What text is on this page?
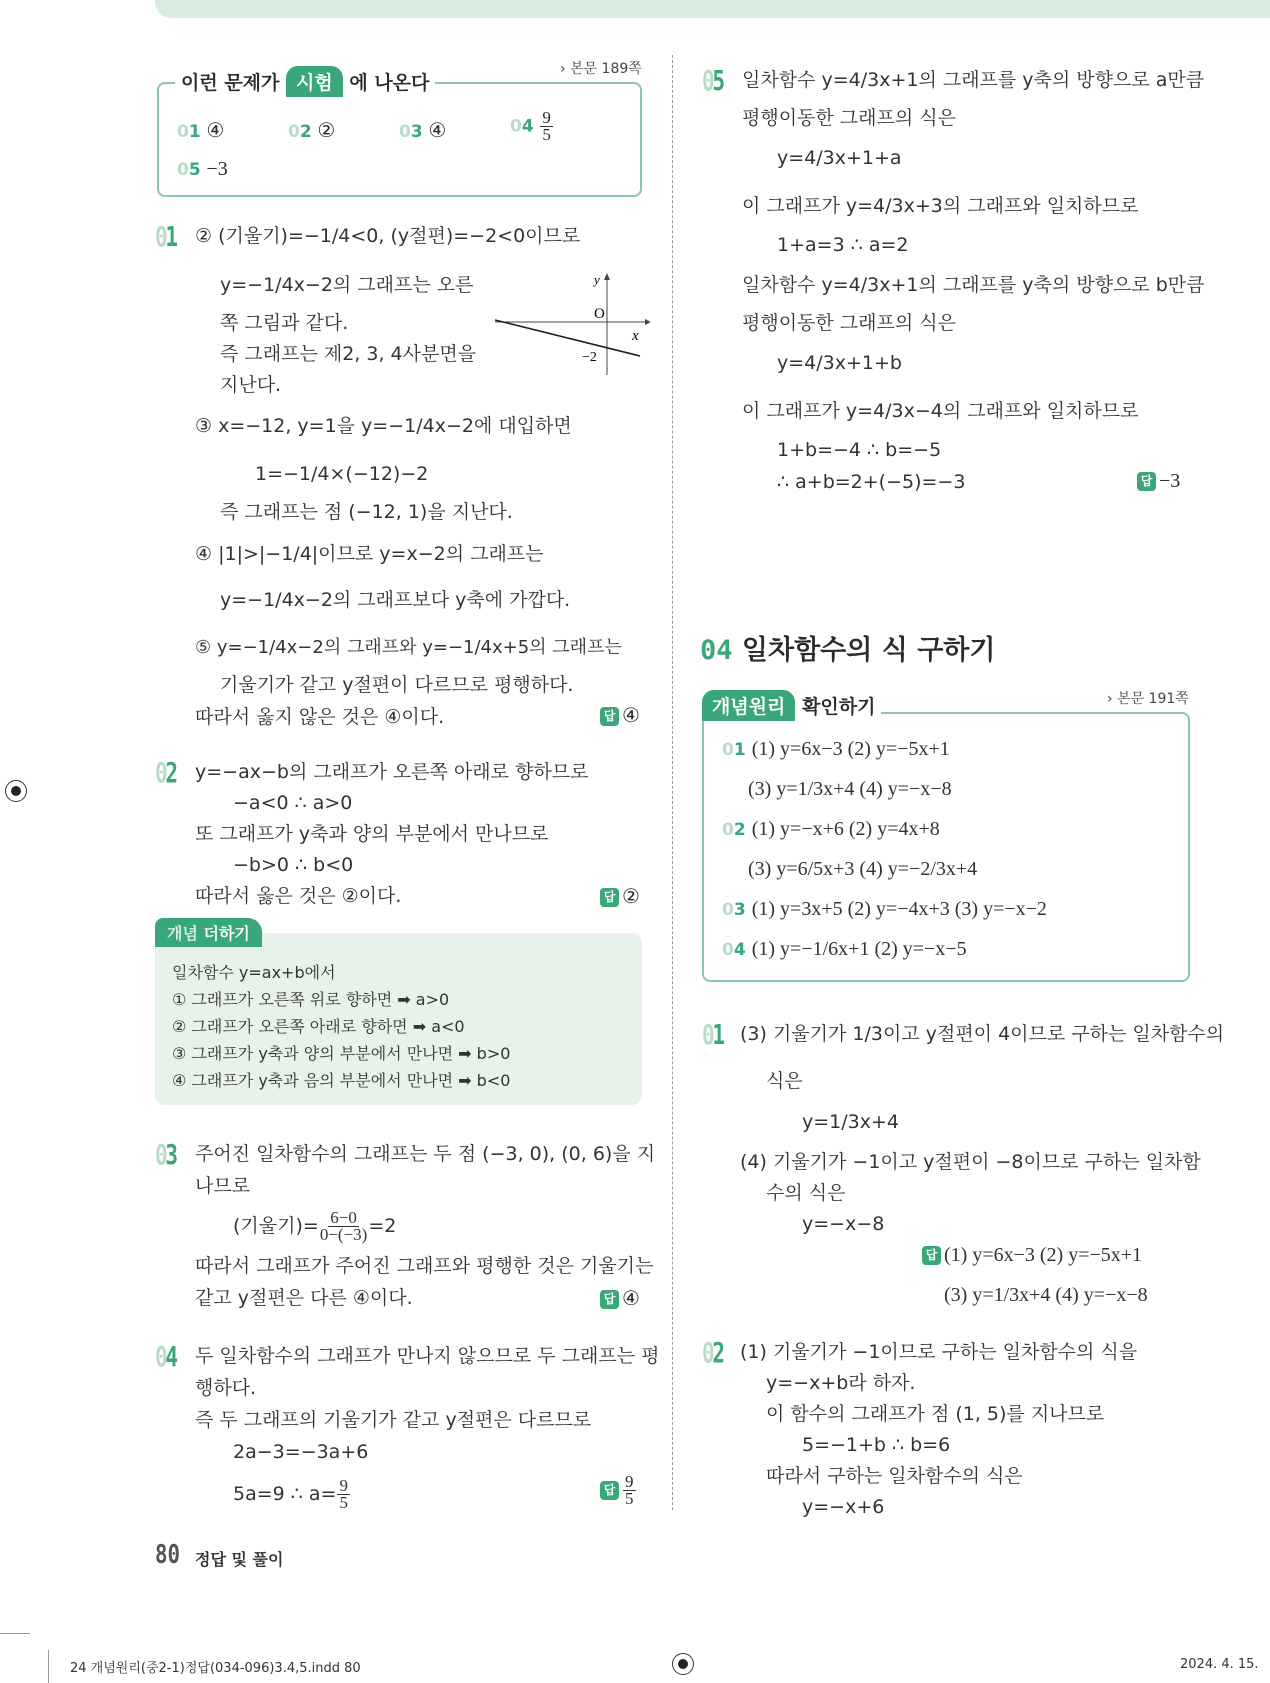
이런 문제가 시험 에 나온다
› 본문 189쪽
01 ④	02 ②	03 ④	$04 \frac{9}{5}$
05 −3
01 ② (기울기)=−1/4<0, (y절편)=−2<0이므로
y=−1/4x−2의 그래프는 오른
쪽 그림과 같다.
즉 그래프는 제2, 3, 4사분면을
지난다.
y
O
x
−2
③ x=−12, y=1을 y=−1/4x−2에 대입하면
1=−1/4×(−12)−2
즉 그래프는 점 (−12, 1)을 지난다.
④ |1|>|−1/4|이므로 y=x−2의 그래프는
y=−1/4x−2의 그래프보다 y축에 가깝다.
⑤ y=−1/4x−2의 그래프와 y=−1/4x+5의 그래프는
기울기가 같고 y절편이 다르므로 평행하다.
따라서 옳지 않은 것은 ④이다.	답 ④
02 y=−ax−b의 그래프가 오른쪽 아래로 향하므로
−a<0 ∴ a>0
또 그래프가 y축과 양의 부분에서 만나므로
−b>0 ∴ b<0
따라서 옳은 것은 ②이다.	답 ②
개념 더하기
일차함수 y=ax+b에서
① 그래프가 오른쪽 위로 향하면 ➡ a>0
② 그래프가 오른쪽 아래로 향하면 ➡ a<0
③ 그래프가 y축과 양의 부분에서 만나면 ➡ b>0
④ 그래프가 y축과 음의 부분에서 만나면 ➡ b<0
03 주어진 일차함수의 그래프는 두 점 (−3, 0), (0, 6)을 지
나므로
(기울기)= $\frac{6-0}{0-(-3)} =2$
따라서 그래프가 주어진 그래프와 평행한 것은 기울기는
같고 y절편은 다른 ④이다.	답 ④
04 두 일차함수의 그래프가 만나지 않으므로 두 그래프는 평
행하다.
즉 두 그래프의 기울기가 같고 y절편은 다르므로
2a−3=−3a+6
5a=9 ∴ $a= \frac{9}{5}$	답 $\frac{9}{5}$
80 정답 및 풀이
05 일차함수 y=4/3x+1의 그래프를 y축의 방향으로 a만큼
평행이동한 그래프의 식은
y=4/3x+1+a
이 그래프가 y=4/3x+3의 그래프와 일치하므로
1+a=3 ∴ a=2
일차함수 y=4/3x+1의 그래프를 y축의 방향으로 b만큼
평행이동한 그래프의 식은
y=4/3x+1+b
이 그래프가 y=4/3x−4의 그래프와 일치하므로
1+b=−4 ∴ b=−5
∴ a+b=2+(−5)=−3	답 −3
04 일차함수의 식 구하기
개념원리 확인하기	› 본문 191쪽
01 (1) y=6x−3 (2) y=−5x+1
(3) y=1/3x+4 (4) y=−x−8
02 (1) y=−x+6 (2) y=4x+8
(3) y=6/5x+3 (4) y=−2/3x+4
03 (1) y=3x+5 (2) y=−4x+3 (3) y=−x−2
04 (1) y=−1/6x+1 (2) y=−x−5
01 (3) 기울기가 1/3이고 y절편이 4이므로 구하는 일차함수의
식은
y=1/3x+4
(4) 기울기가 −1이고 y절편이 −8이므로 구하는 일차함
수의 식은
y=−x−8
답 (1) y=6x−3 (2) y=−5x+1
(3) y=1/3x+4 (4) y=−x−8
02 (1) 기울기가 −1이므로 구하는 일차함수의 식을
y=−x+b라 하자.
이 함수의 그래프가 점 (1, 5)를 지나므로
5=−1+b ∴ b=6
따라서 구하는 일차함수의 식은
y=−x+6
24 개념원리(중2-1)정답(034-096)3.4,5.indd 80	2024. 4. 15.
